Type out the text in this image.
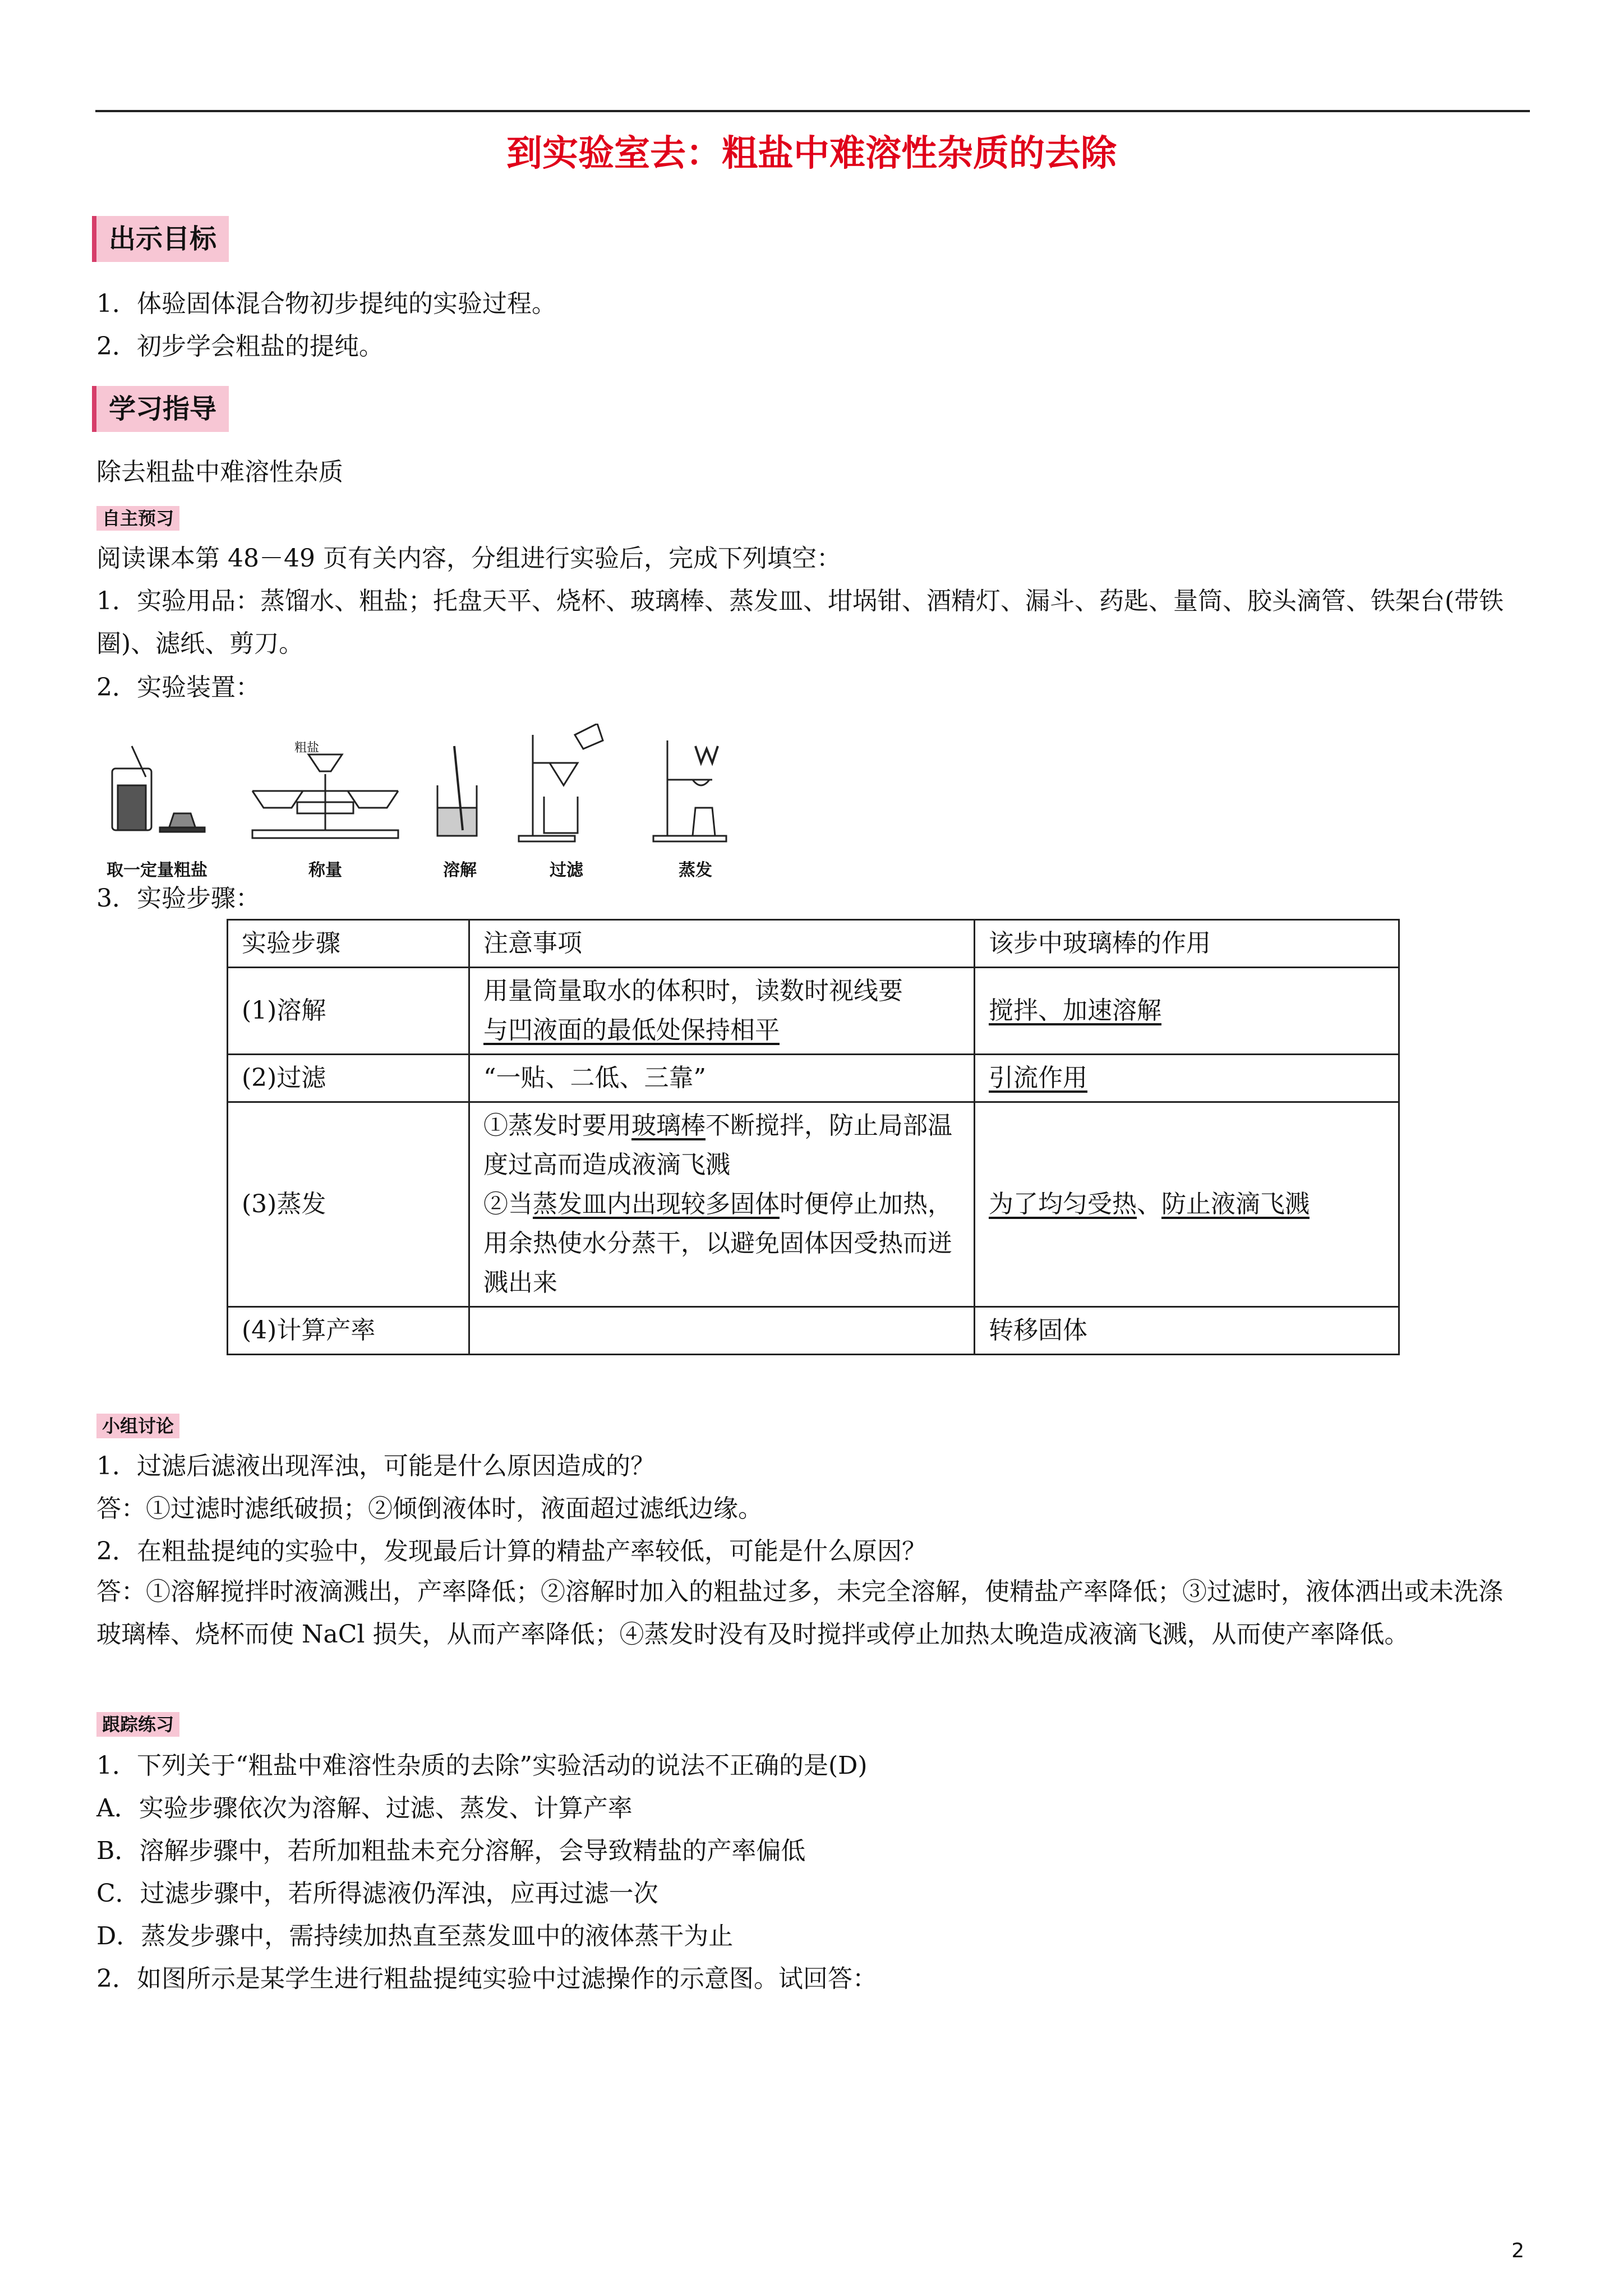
到实验室去：粗盐中难溶性杂质的去除
出示目标
1．体验固体混合物初步提纯的实验过程。
2．初步学会粗盐的提纯。
学习指导
除去粗盐中难溶性杂质
自主预习
阅读课本第 48－49 页有关内容，分组进行实验后，完成下列填空：
1．实验用品：蒸馏水、粗盐；托盘天平、烧杯、玻璃棒、蒸发皿、坩埚钳、酒精灯、漏斗、药匙、量筒、胶头滴管、铁架台(带铁圈)、滤纸、剪刀。
2．实验装置：
粗盐
粗盐
取一定量粗盐	称量	溶解	过滤	蒸发
3．实验步骤：
实验步骤	注意事项	该步中玻璃棒的作用
(1)溶解	用量筒量取水的体积时，读数时视线要
与凹液面的最低处保持相平	搅拌、加速溶解
(2)过滤	“一贴、二低、三靠”	引流作用
(3)蒸发	①蒸发时要用玻璃棒不断搅拌，防止局部温度过高而造成液滴飞溅
②当蒸发皿内出现较多固体时便停止加热，用余热使水分蒸干，以避免固体因受热而迸溅出来	为了均匀受热、防止液滴飞溅
(4)计算产率		转移固体
小组讨论
1．过滤后滤液出现浑浊，可能是什么原因造成的？
答：①过滤时滤纸破损；②倾倒液体时，液面超过滤纸边缘。
2．在粗盐提纯的实验中，发现最后计算的精盐产率较低，可能是什么原因？
答：①溶解搅拌时液滴溅出，产率降低；②溶解时加入的粗盐过多，未完全溶解，使精盐产率降低；③过滤时，液体洒出或未洗涤玻璃棒、烧杯而使 NaCl 损失，从而产率降低；④蒸发时没有及时搅拌或停止加热太晚造成液滴飞溅，从而使产率降低。
跟踪练习
1．下列关于“粗盐中难溶性杂质的去除”实验活动的说法不正确的是(D)
A．实验步骤依次为溶解、过滤、蒸发、计算产率
B．溶解步骤中，若所加粗盐未充分溶解，会导致精盐的产率偏低
C．过滤步骤中，若所得滤液仍浑浊，应再过滤一次
D．蒸发步骤中，需持续加热直至蒸发皿中的液体蒸干为止
2．如图所示是某学生进行粗盐提纯实验中过滤操作的示意图。试回答：
2
